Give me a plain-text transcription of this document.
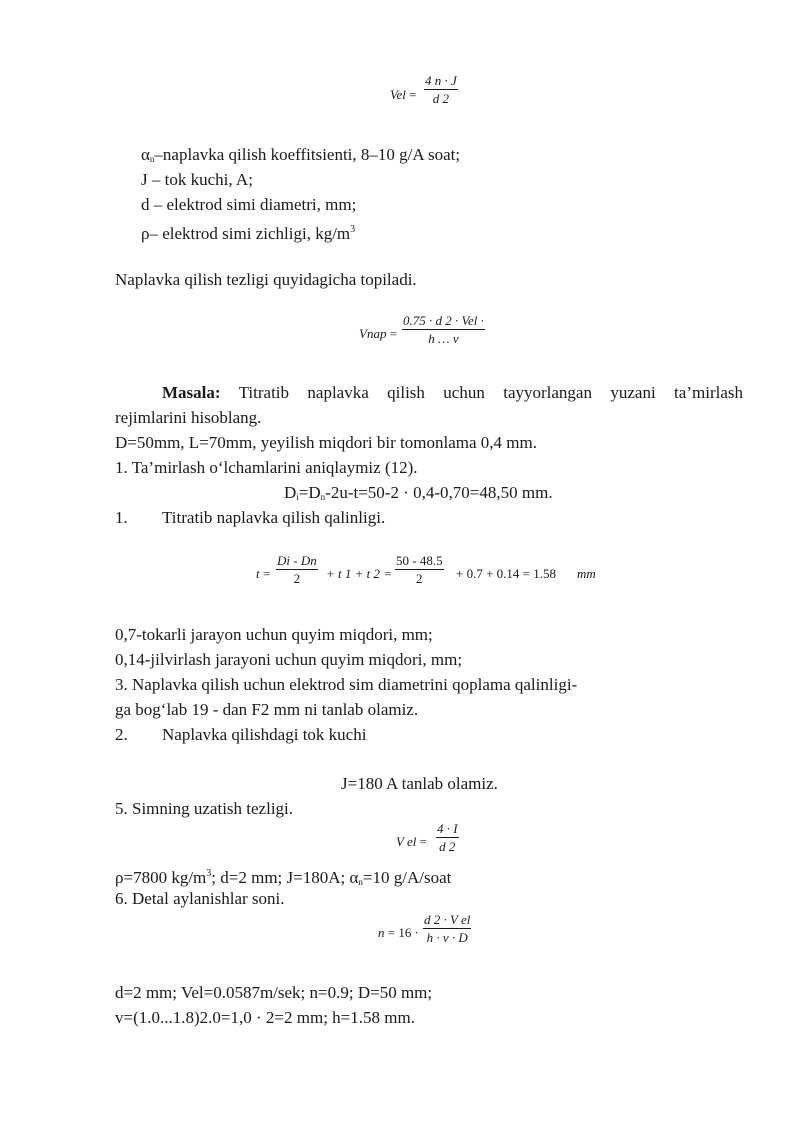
Vel = $\frac{4 n \cdot J}{d 2}$
$\alpha_n$–naplavka qilish koeffitsienti, 8–10 g/A soat;
J – tok kuchi, A;
d – elektrod simi diametri, mm;
ρ– elektrod simi zichligi, $kg/m^3$
Naplavka qilish tezligi quyidagicha topiladi.
Vnap =
0.75 · d 2 · Vel ·
h … v
Masala: Titratib naplavka qilish uchun tayyorlangan yuzani ta’mirlash
rejimlarini hisoblang.
D=50mm, L=70mm, yeyilish miqdori bir tomonlama 0,4 mm.
1. Ta’mirlash o‘lchamlarini aniqlaymiz (12).
$D_i=D_n-2u-t=50-2 \cdot 0,4-0,70=48,50$ mm.
1. Titratib naplavka qilish qalinligi.
$t = \frac{Di - Dn}{2} + t$ 1 + t $2 = \frac{50 - 48.5}{2} + 0.7 + 0.14 = 1.58$ mm
0,7-tokarli jarayon uchun quyim miqdori, mm;
0,14-jilvirlash jarayoni uchun quyim miqdori, mm;
3. Naplavka qilish uchun elektrod sim diametrini qoplama qalinligi-
ga bog‘lab 19 - dan F2 mm ni tanlab olamiz.
2. Naplavka qilishdagi tok kuchi
J=180 A tanlab olamiz.
5. Simning uzatish tezligi.
V el = $\frac{4 \cdot I}{d 2}$
ρ=7800 $kg/m^3$; d=2 mm; J=180A; $\alpha_n=10$ g/A/soat
6. Detal aylanishlar soni.
$n = 16 \cdot \frac{\text{d 2 · V el}}{h \cdot v \cdot D}$
d=2 mm; Vel=0.0587m/sek; n=0.9; D=50 mm;
v=(1.0...1.8)2.0=1,0 · 2=2 mm; h=1.58 mm.
